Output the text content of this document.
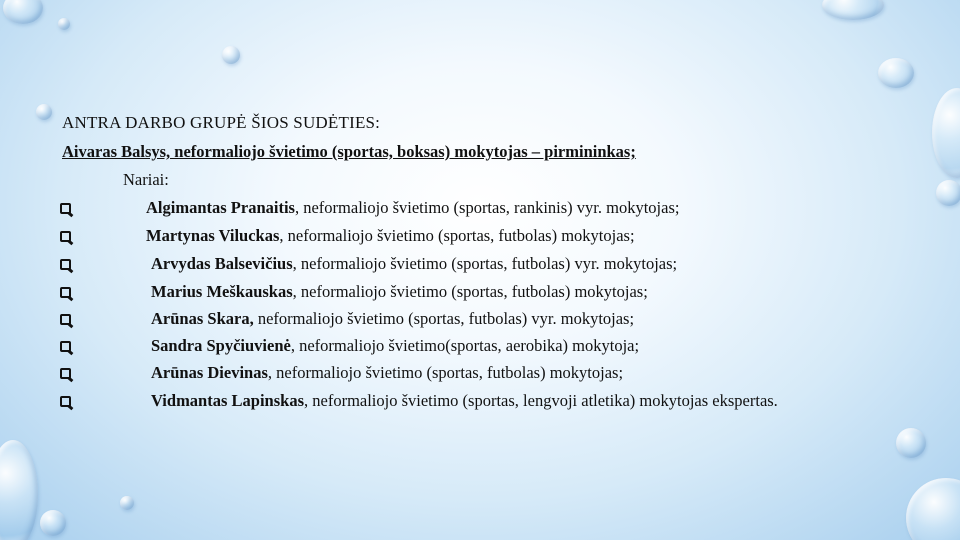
ANTRA DARBO GRUPĖ ŠIOS SUDĖTIES:
Aivaras Balsys, neformaliojo švietimo (sportas, boksas) mokytojas – pirmininkas;
Nariai:
Algimantas Pranaitis, neformaliojo švietimo (sportas, rankinis) vyr. mokytojas;
Martynas Viluckas, neformaliojo švietimo (sportas, futbolas) mokytojas;
Arvydas Balsevičius, neformaliojo švietimo (sportas, futbolas) vyr. mokytojas;
Marius Meškauskas, neformaliojo švietimo (sportas, futbolas) mokytojas;
Arūnas Skara, neformaliojo švietimo (sportas, futbolas) vyr. mokytojas;
Sandra Spyčiuvienė, neformaliojo švietimo(sportas, aerobika) mokytoja;
Arūnas Dievinas, neformaliojo švietimo (sportas, futbolas) mokytojas;
Vidmantas Lapinskas, neformaliojo švietimo (sportas, lengvoji atletika) mokytojas ekspertas.
